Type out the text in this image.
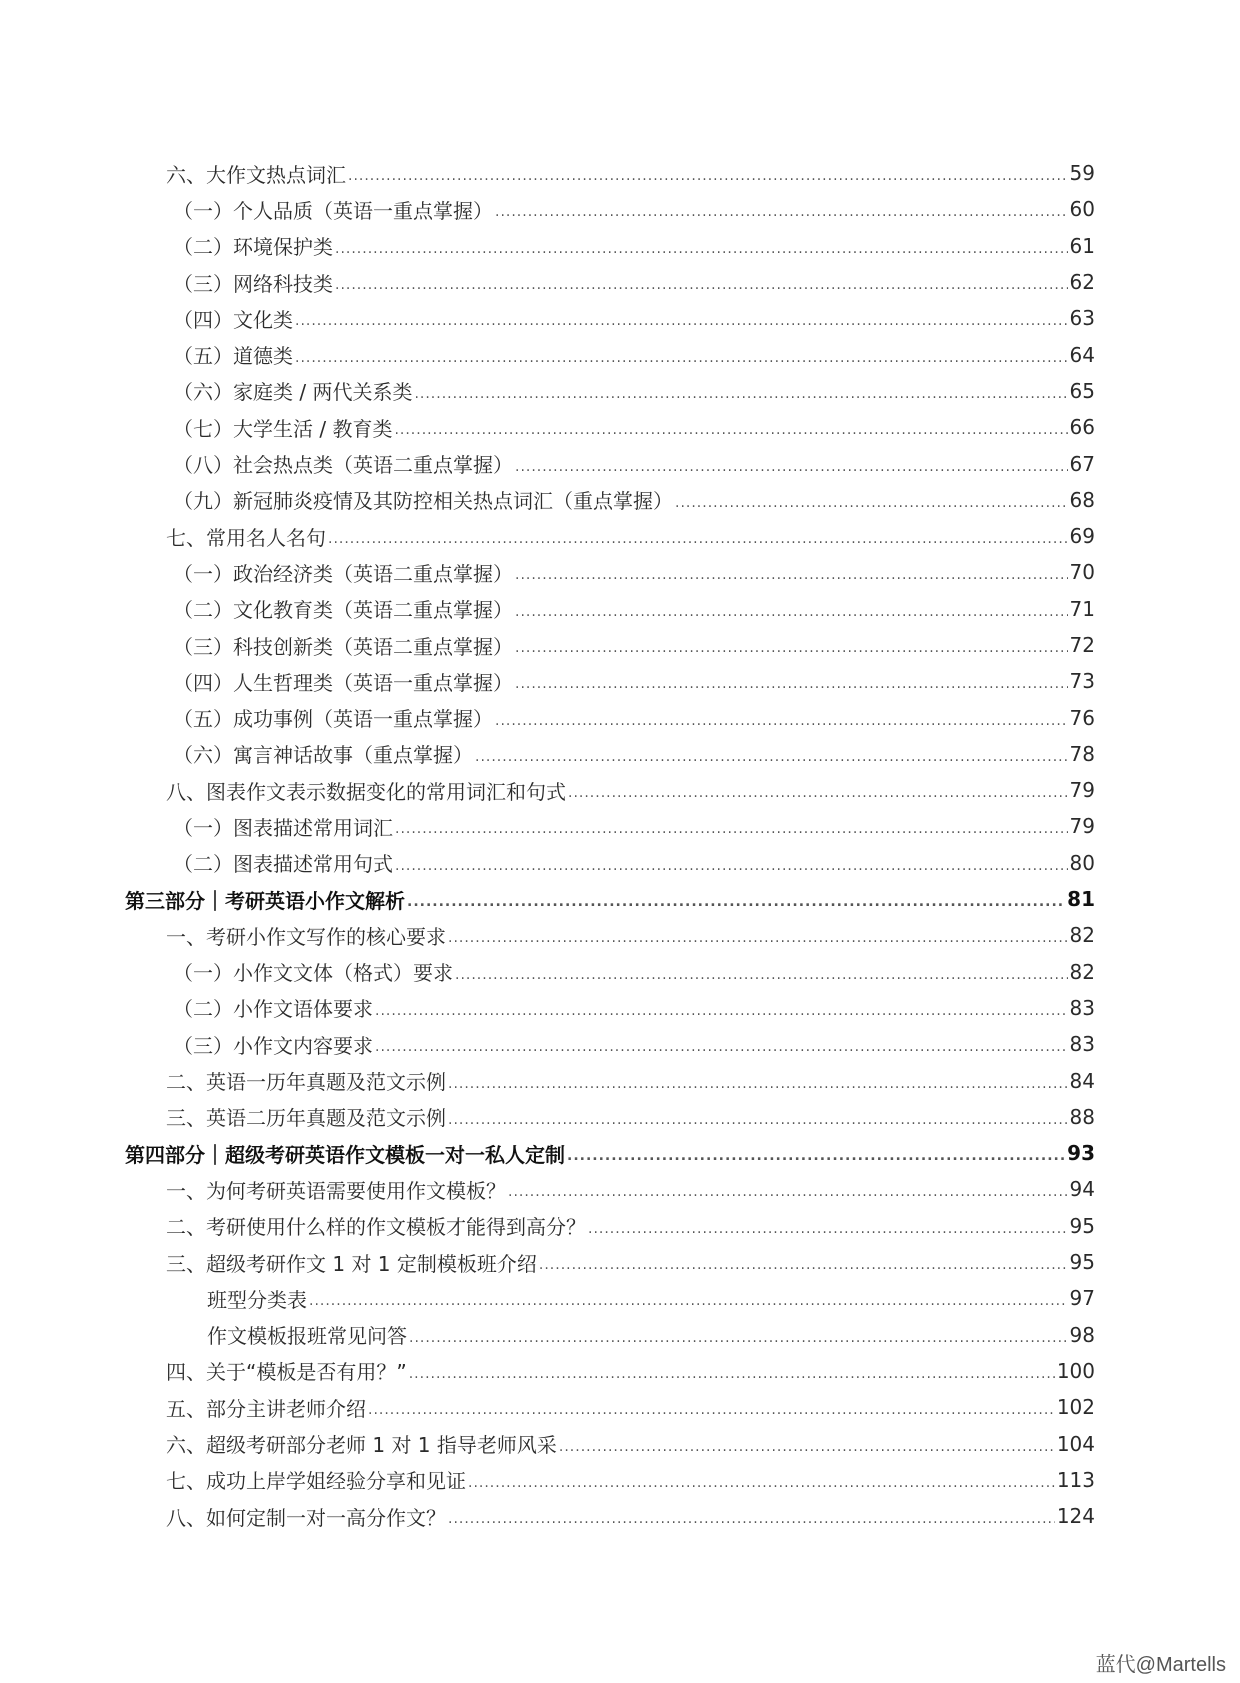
六、大作文热点词汇 .....	59
（一）个人品质（英语一重点掌握） .....	60
（二）环境保护类 .....	61
（三）网络科技类 .....	62
（四）文化类 .....	63
（五）道德类 .....	64
（六）家庭类 / 两代关系类 .....	65
（七）大学生活 / 教育类 .....	66
（八）社会热点类（英语二重点掌握） .....	67
（九）新冠肺炎疫情及其防控相关热点词汇（重点掌握） .....	68
七、常用名人名句 .....	69
（一）政治经济类（英语二重点掌握） .....	70
（二）文化教育类（英语二重点掌握） .....	71
（三）科技创新类（英语二重点掌握） .....	72
（四）人生哲理类（英语一重点掌握） .....	73
（五）成功事例（英语一重点掌握） .....	76
（六）寓言神话故事（重点掌握） .....	78
八、图表作文表示数据变化的常用词汇和句式 .....	79
（一）图表描述常用词汇 .....	79
（二）图表描述常用句式 .....	80
第三部分｜考研英语小作文解析 .....	81
一、考研小作文写作的核心要求 .....	82
（一）小作文文体（格式）要求 .....	82
（二）小作文语体要求 .....	83
（三）小作文内容要求 .....	83
二、英语一历年真题及范文示例 .....	84
三、英语二历年真题及范文示例 .....	88
第四部分｜超级考研英语作文模板一对一私人定制 .....	93
一、为何考研英语需要使用作文模板？ .....	94
二、考研使用什么样的作文模板才能得到高分？ .....	95
三、超级考研作文 1 对 1 定制模板班介绍 .....	95
班型分类表 .....	97
作文模板报班常见问答 .....	98
四、关于“模板是否有用？” .....	100
五、部分主讲老师介绍 .....	102
六、超级考研部分老师 1 对 1 指导老师风采 .....	104
七、成功上岸学姐经验分享和见证 .....	113
八、如何定制一对一高分作文？ .....	124
蓝代@Martells
